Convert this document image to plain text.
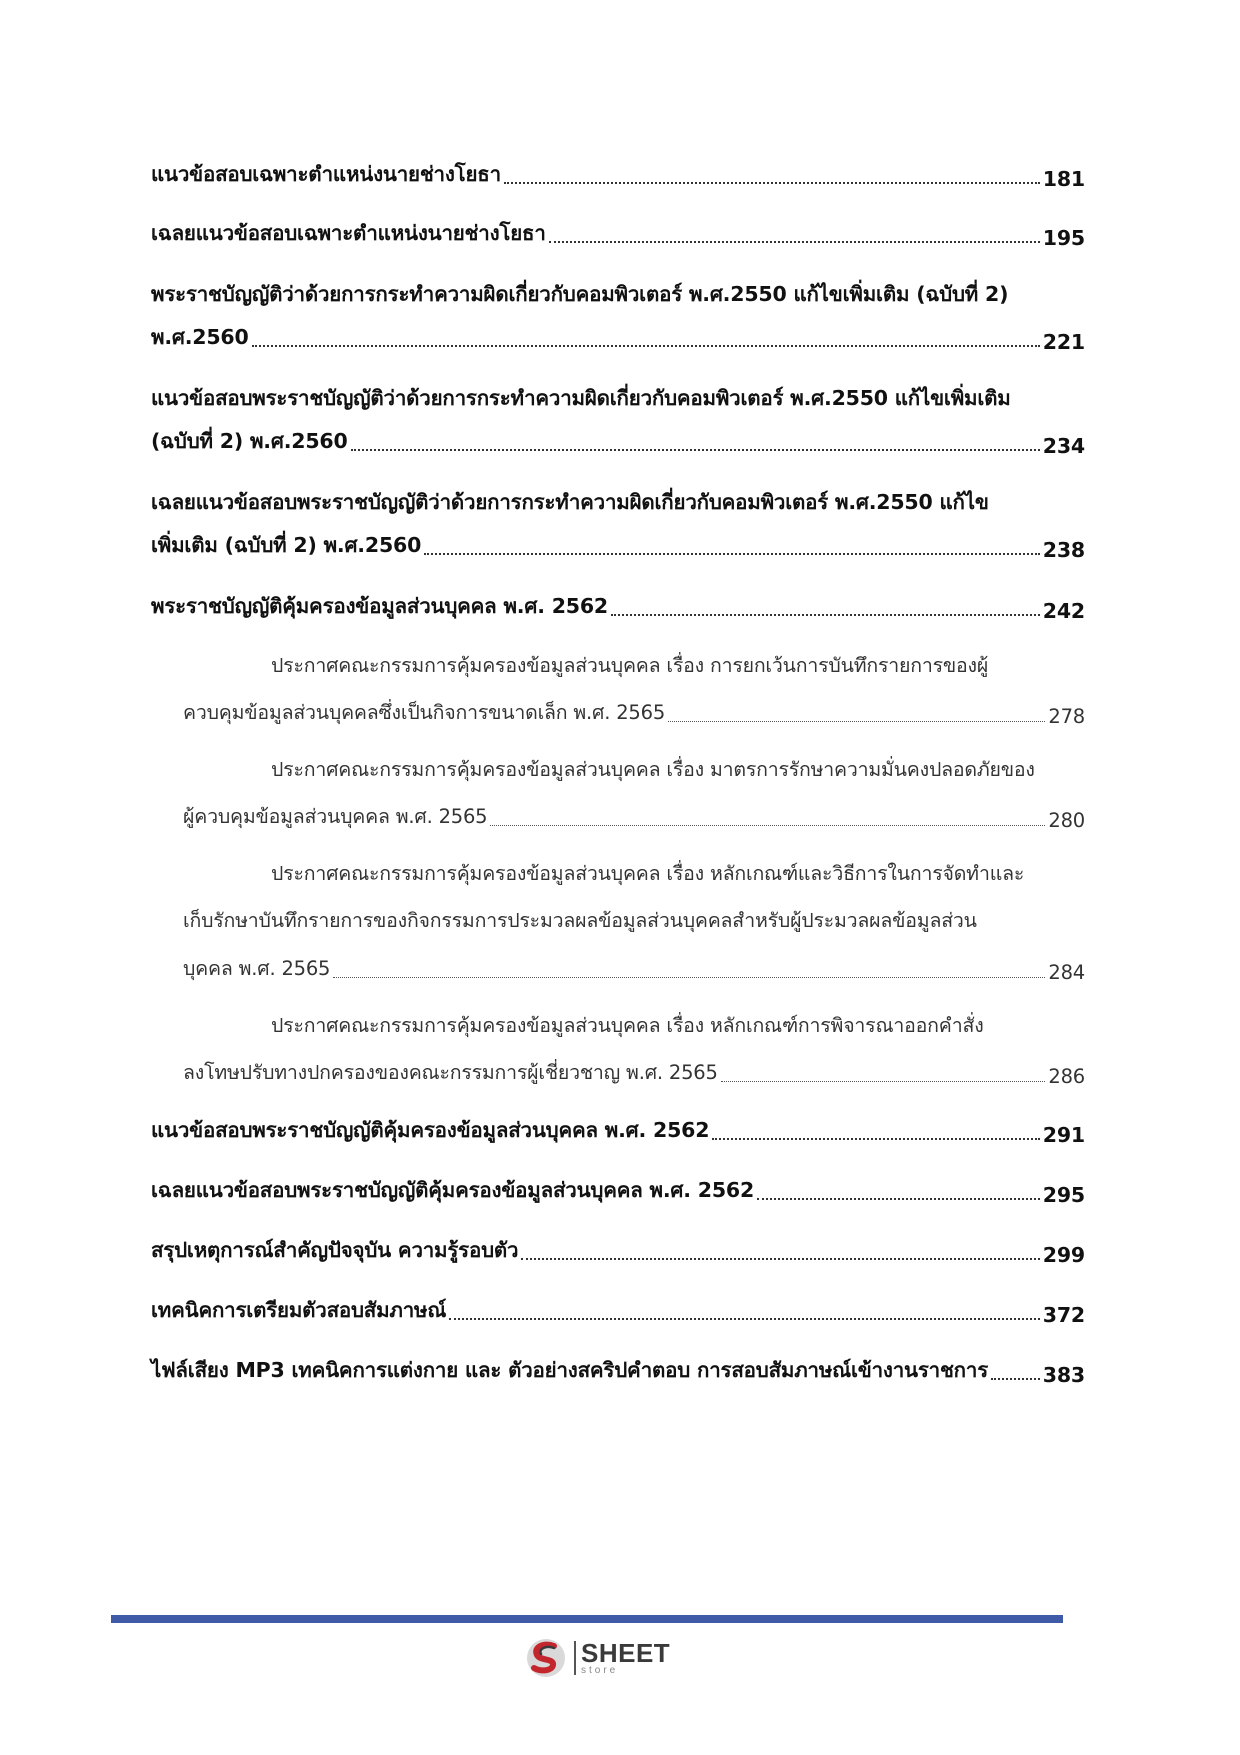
แนวข้อสอบเฉพาะตำแหน่งนายช่างโยธา	181
เฉลยแนวข้อสอบเฉพาะตำแหน่งนายช่างโยธา	195
พระราชบัญญัติว่าด้วยการกระทำความผิดเกี่ยวกับคอมพิวเตอร์ พ.ศ.2550 แก้ไขเพิ่มเติม (ฉบับที่ 2)
พ.ศ.2560	221
แนวข้อสอบพระราชบัญญัติว่าด้วยการกระทำความผิดเกี่ยวกับคอมพิวเตอร์ พ.ศ.2550 แก้ไขเพิ่มเติม
(ฉบับที่ 2) พ.ศ.2560	234
เฉลยแนวข้อสอบพระราชบัญญัติว่าด้วยการกระทำความผิดเกี่ยวกับคอมพิวเตอร์ พ.ศ.2550 แก้ไข
เพิ่มเติม (ฉบับที่ 2) พ.ศ.2560	238
พระราชบัญญัติคุ้มครองข้อมูลส่วนบุคคล พ.ศ. 2562	242
ประกาศคณะกรรมการคุ้มครองข้อมูลส่วนบุคคล เรื่อง การยกเว้นการบันทึกรายการของผู้
ควบคุมข้อมูลส่วนบุคคลซึ่งเป็นกิจการขนาดเล็ก พ.ศ. 2565	278
ประกาศคณะกรรมการคุ้มครองข้อมูลส่วนบุคคล เรื่อง มาตรการรักษาความมั่นคงปลอดภัยของ
ผู้ควบคุมข้อมูลส่วนบุคคล พ.ศ. 2565	280
ประกาศคณะกรรมการคุ้มครองข้อมูลส่วนบุคคล เรื่อง หลักเกณฑ์และวิธีการในการจัดทำและ
เก็บรักษาบันทึกรายการของกิจกรรมการประมวลผลข้อมูลส่วนบุคคลสำหรับผู้ประมวลผลข้อมูลส่วน
บุคคล พ.ศ. 2565	284
ประกาศคณะกรรมการคุ้มครองข้อมูลส่วนบุคคล เรื่อง หลักเกณฑ์การพิจารณาออกคำสั่ง
ลงโทษปรับทางปกครองของคณะกรรมการผู้เชี่ยวชาญ พ.ศ. 2565	286
แนวข้อสอบพระราชบัญญัติคุ้มครองข้อมูลส่วนบุคคล พ.ศ. 2562	291
เฉลยแนวข้อสอบพระราชบัญญัติคุ้มครองข้อมูลส่วนบุคคล พ.ศ. 2562	295
สรุปเหตุการณ์สำคัญปัจจุบัน ความรู้รอบตัว	299
เทคนิคการเตรียมตัวสอบสัมภาษณ์	372
ไฟล์เสียง MP3 เทคนิคการแต่งกาย และ ตัวอย่างสคริปคำตอบ การสอบสัมภาษณ์เข้างานราชการ	383
SHEET
store
